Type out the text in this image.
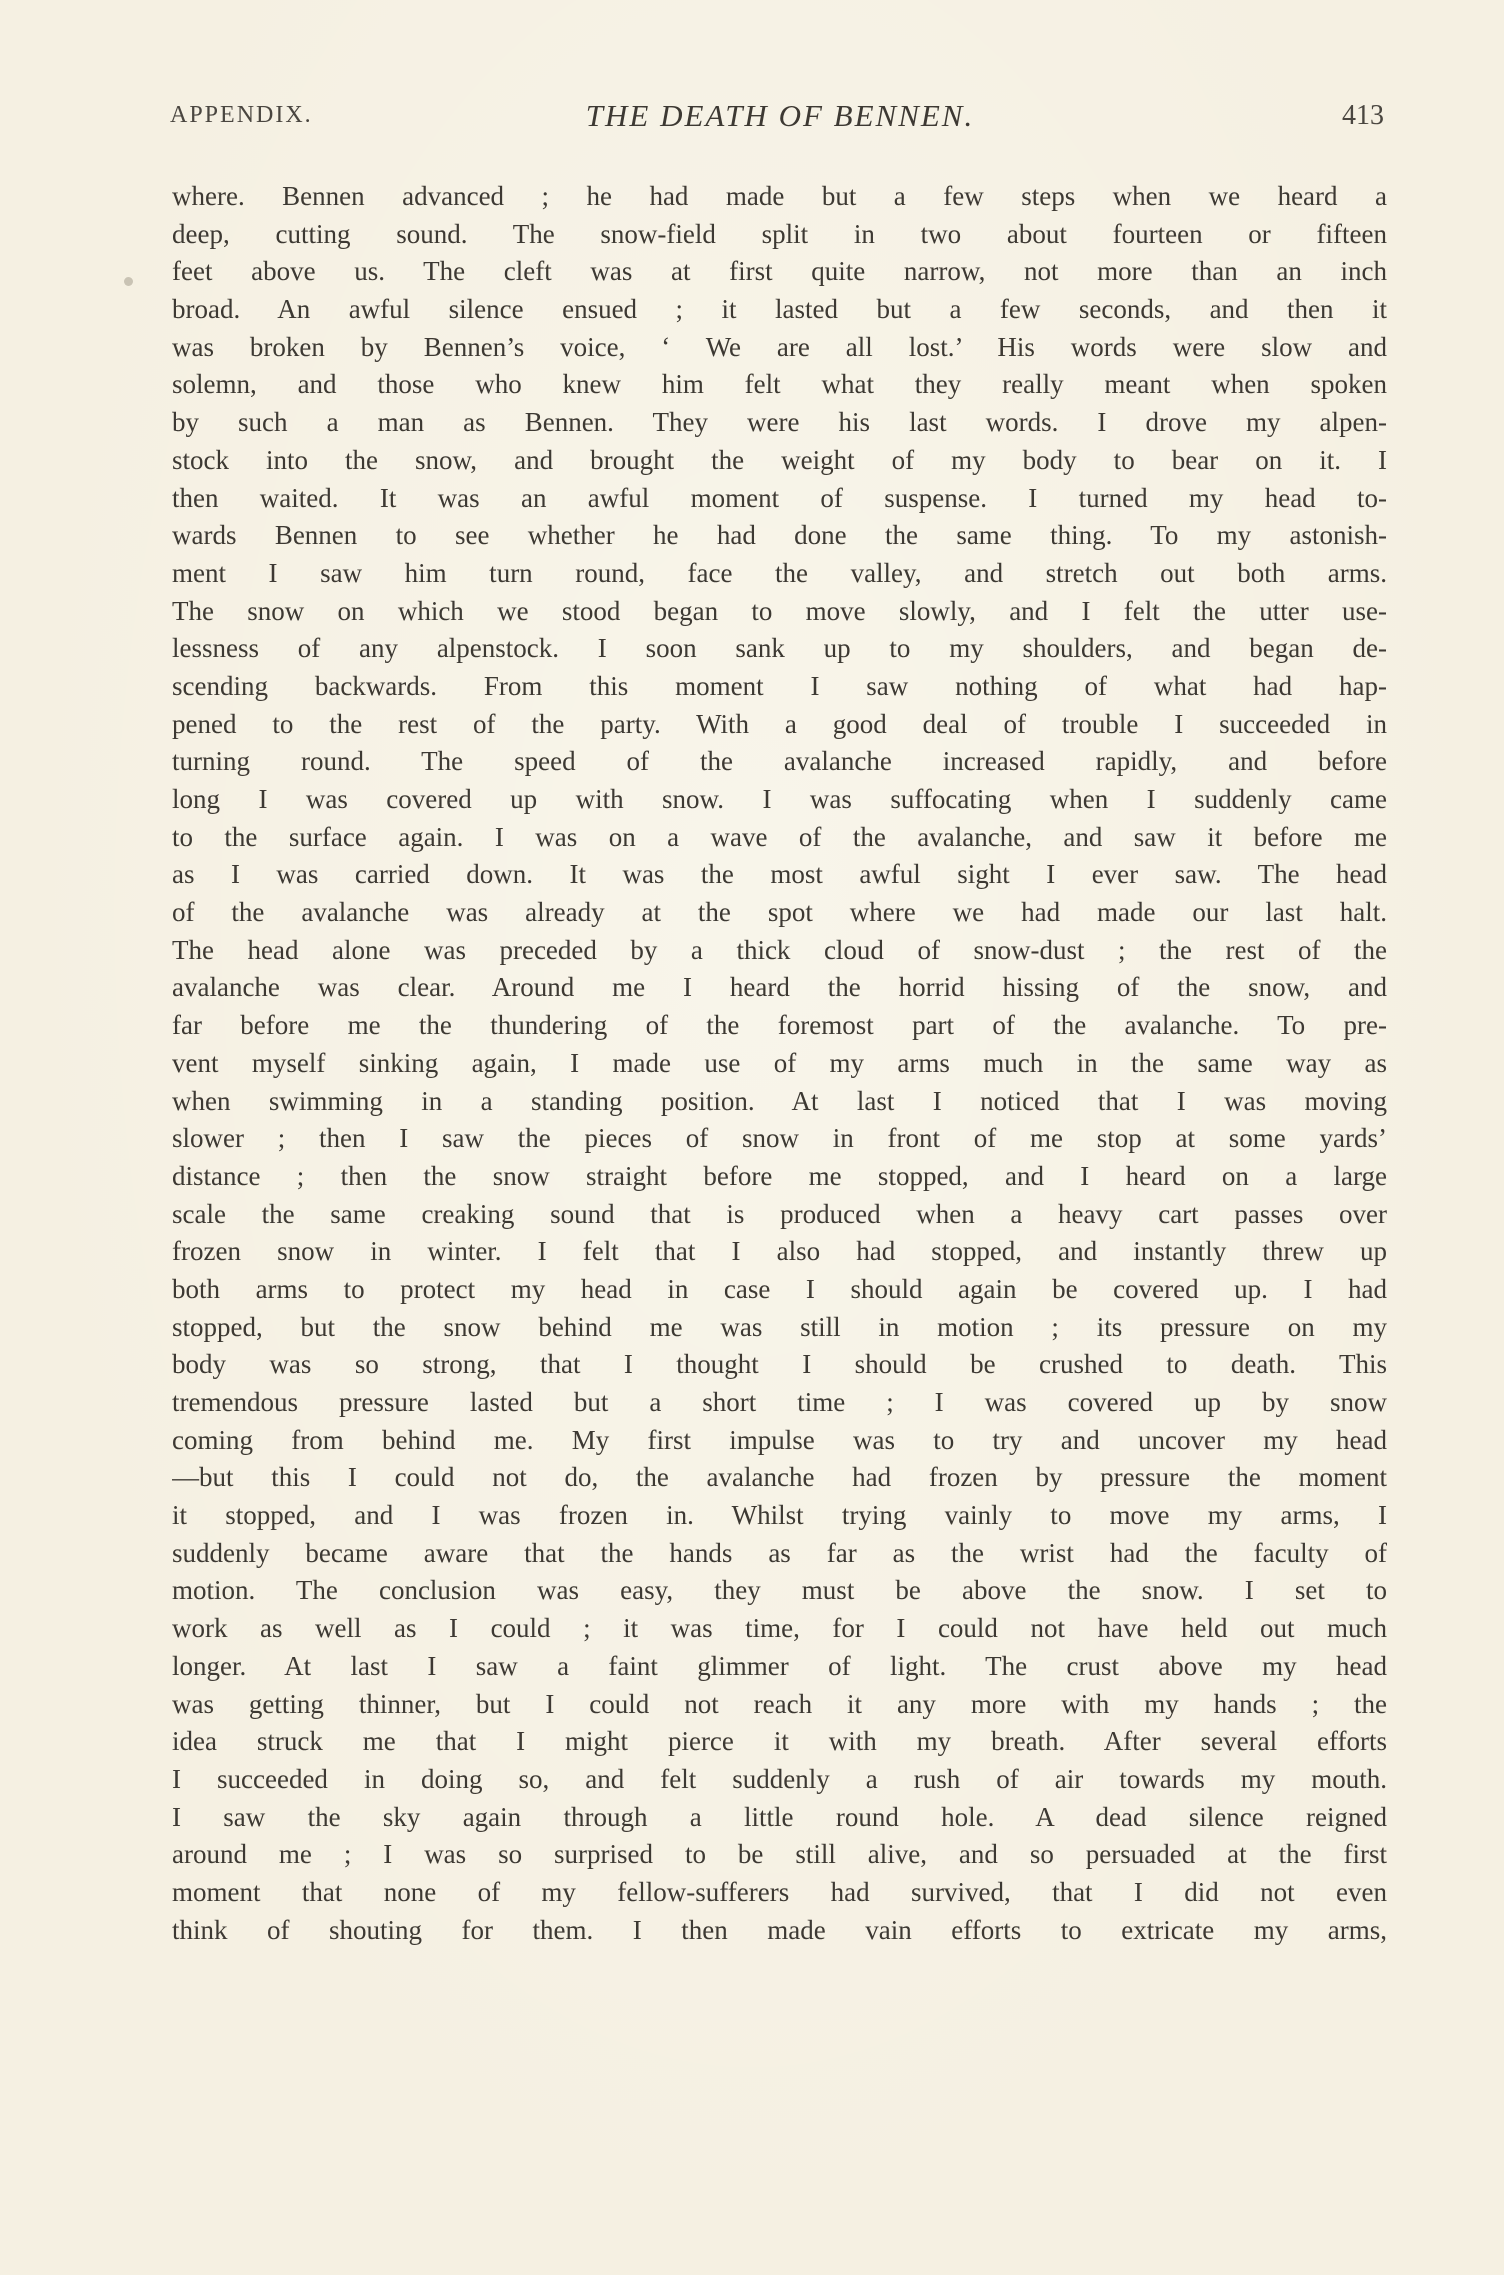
APPENDIX.	THE DEATH OF BENNEN.	413
where. Bennen advanced ; he had made but a few steps when we heard a
deep, cutting sound. The snow-field split in two about fourteen or fifteen
feet above us. The cleft was at first quite narrow, not more than an inch
broad. An awful silence ensued ; it lasted but a few seconds, and then it
was broken by Bennen’s voice, ‘ We are all lost.’ His words were slow and
solemn, and those who knew him felt what they really meant when spoken
by such a man as Bennen. They were his last words. I drove my alpen-
stock into the snow, and brought the weight of my body to bear on it. I
then waited. It was an awful moment of suspense. I turned my head to-
wards Bennen to see whether he had done the same thing. To my astonish-
ment I saw him turn round, face the valley, and stretch out both arms.
The snow on which we stood began to move slowly, and I felt the utter use-
lessness of any alpenstock. I soon sank up to my shoulders, and began de-
scending backwards. From this moment I saw nothing of what had hap-
pened to the rest of the party. With a good deal of trouble I succeeded in
turning round. The speed of the avalanche increased rapidly, and before
long I was covered up with snow. I was suffocating when I suddenly came
to the surface again. I was on a wave of the avalanche, and saw it before me
as I was carried down. It was the most awful sight I ever saw. The head
of the avalanche was already at the spot where we had made our last halt.
The head alone was preceded by a thick cloud of snow-dust ; the rest of the
avalanche was clear. Around me I heard the horrid hissing of the snow, and
far before me the thundering of the foremost part of the avalanche. To pre-
vent myself sinking again, I made use of my arms much in the same way as
when swimming in a standing position. At last I noticed that I was moving
slower ; then I saw the pieces of snow in front of me stop at some yards’
distance ; then the snow straight before me stopped, and I heard on a large
scale the same creaking sound that is produced when a heavy cart passes over
frozen snow in winter. I felt that I also had stopped, and instantly threw up
both arms to protect my head in case I should again be covered up. I had
stopped, but the snow behind me was still in motion ; its pressure on my
body was so strong, that I thought I should be crushed to death. This
tremendous pressure lasted but a short time ; I was covered up by snow
coming from behind me. My first impulse was to try and uncover my head
—but this I could not do, the avalanche had frozen by pressure the moment
it stopped, and I was frozen in. Whilst trying vainly to move my arms, I
suddenly became aware that the hands as far as the wrist had the faculty of
motion. The conclusion was easy, they must be above the snow. I set to
work as well as I could ; it was time, for I could not have held out much
longer. At last I saw a faint glimmer of light. The crust above my head
was getting thinner, but I could not reach it any more with my hands ; the
idea struck me that I might pierce it with my breath. After several efforts
I succeeded in doing so, and felt suddenly a rush of air towards my mouth.
I saw the sky again through a little round hole. A dead silence reigned
around me ; I was so surprised to be still alive, and so persuaded at the first
moment that none of my fellow-sufferers had survived, that I did not even
think of shouting for them. I then made vain efforts to extricate my arms,
